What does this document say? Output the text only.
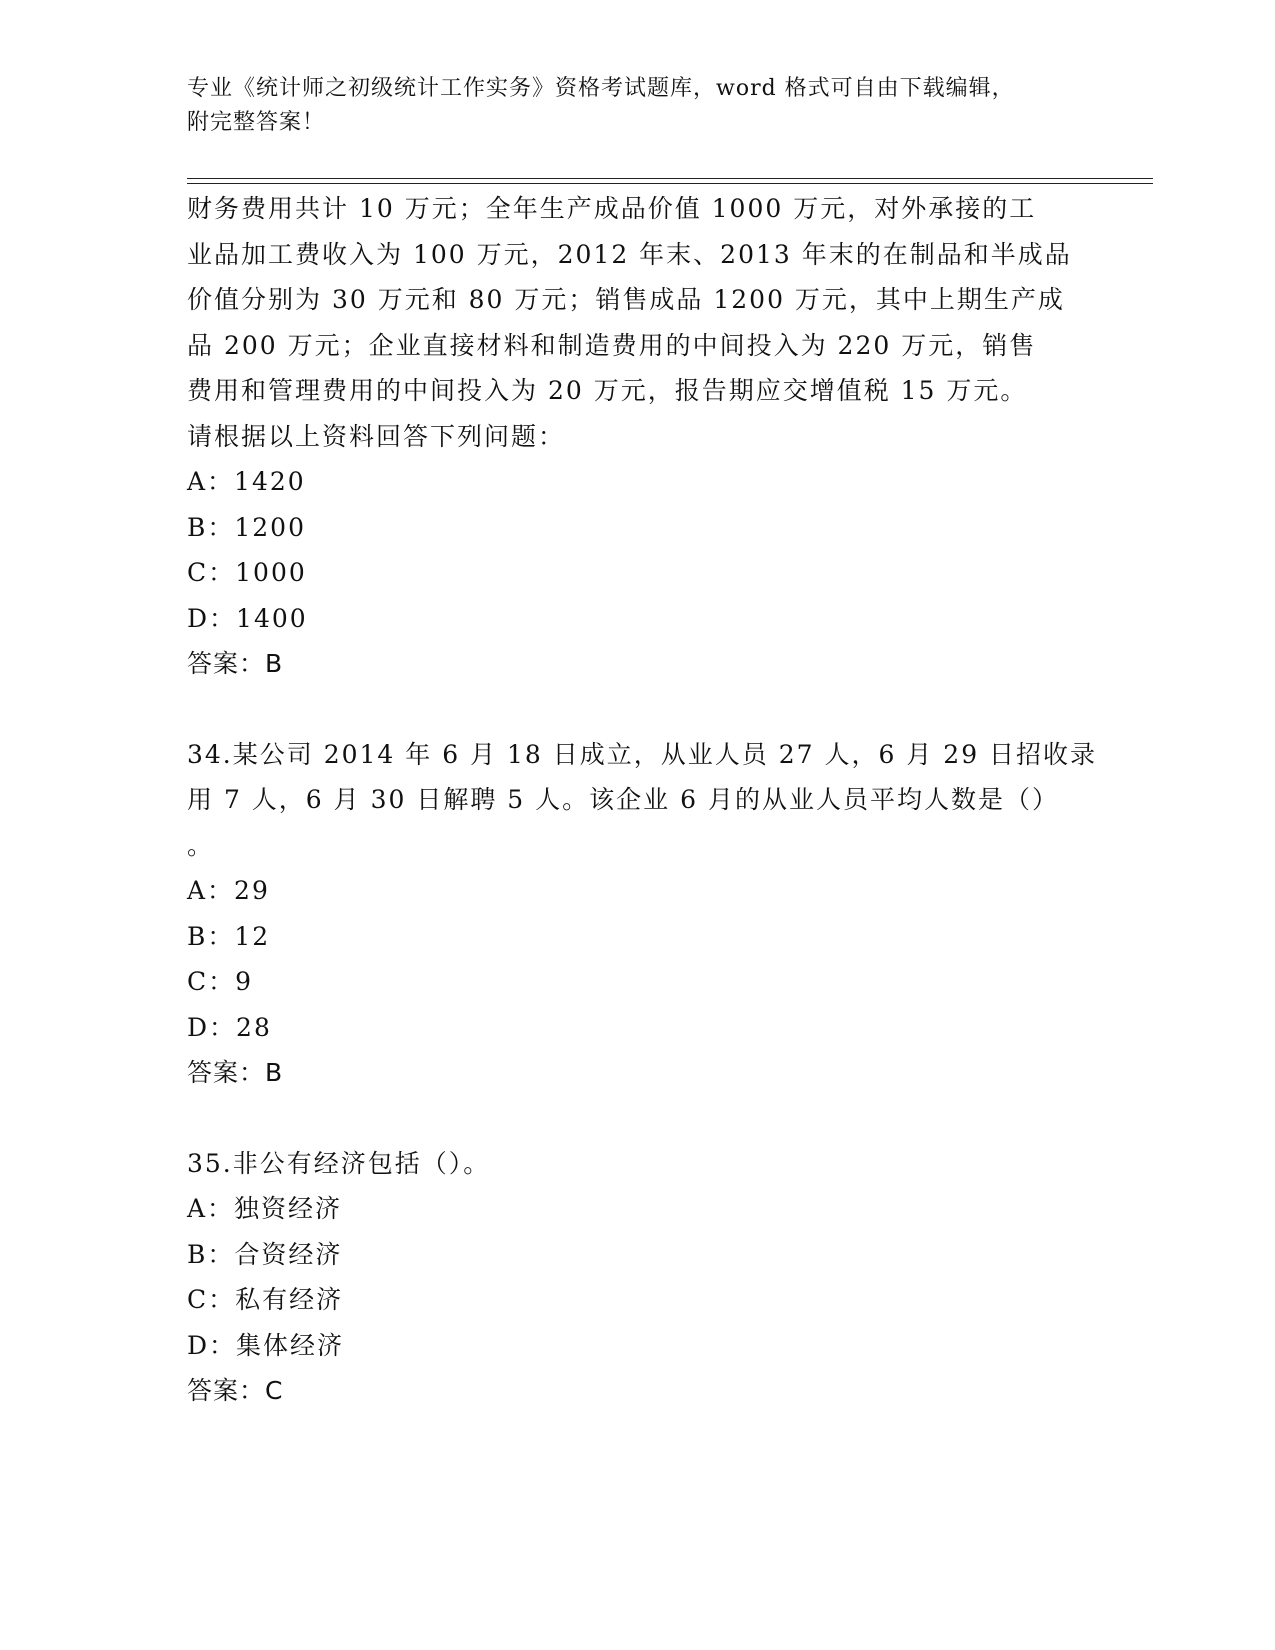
专业《统计师之初级统计工作实务》资格考试题库，word 格式可自由下载编辑，
附完整答案！
财务费用共计 10 万元；全年生产成品价值 1000 万元，对外承接的工
业品加工费收入为 100 万元，2012 年末、2013 年末的在制品和半成品
价值分别为 30 万元和 80 万元；销售成品 1200 万元，其中上期生产成
品 200 万元；企业直接材料和制造费用的中间投入为 220 万元，销售
费用和管理费用的中间投入为 20 万元，报告期应交增值税 15 万元。
请根据以上资料回答下列问题：
A：1420
B：1200
C：1000
D：1400
答案：B
34.某公司 2014 年 6 月 18 日成立，从业人员 27 人，6 月 29 日招收录
用 7 人，6 月 30 日解聘 5 人。该企业 6 月的从业人员平均人数是（）
。
A：29
B：12
C：9
D：28
答案：B
35.非公有经济包括（）。
A：独资经济
B：合资经济
C：私有经济
D：集体经济
答案：C
